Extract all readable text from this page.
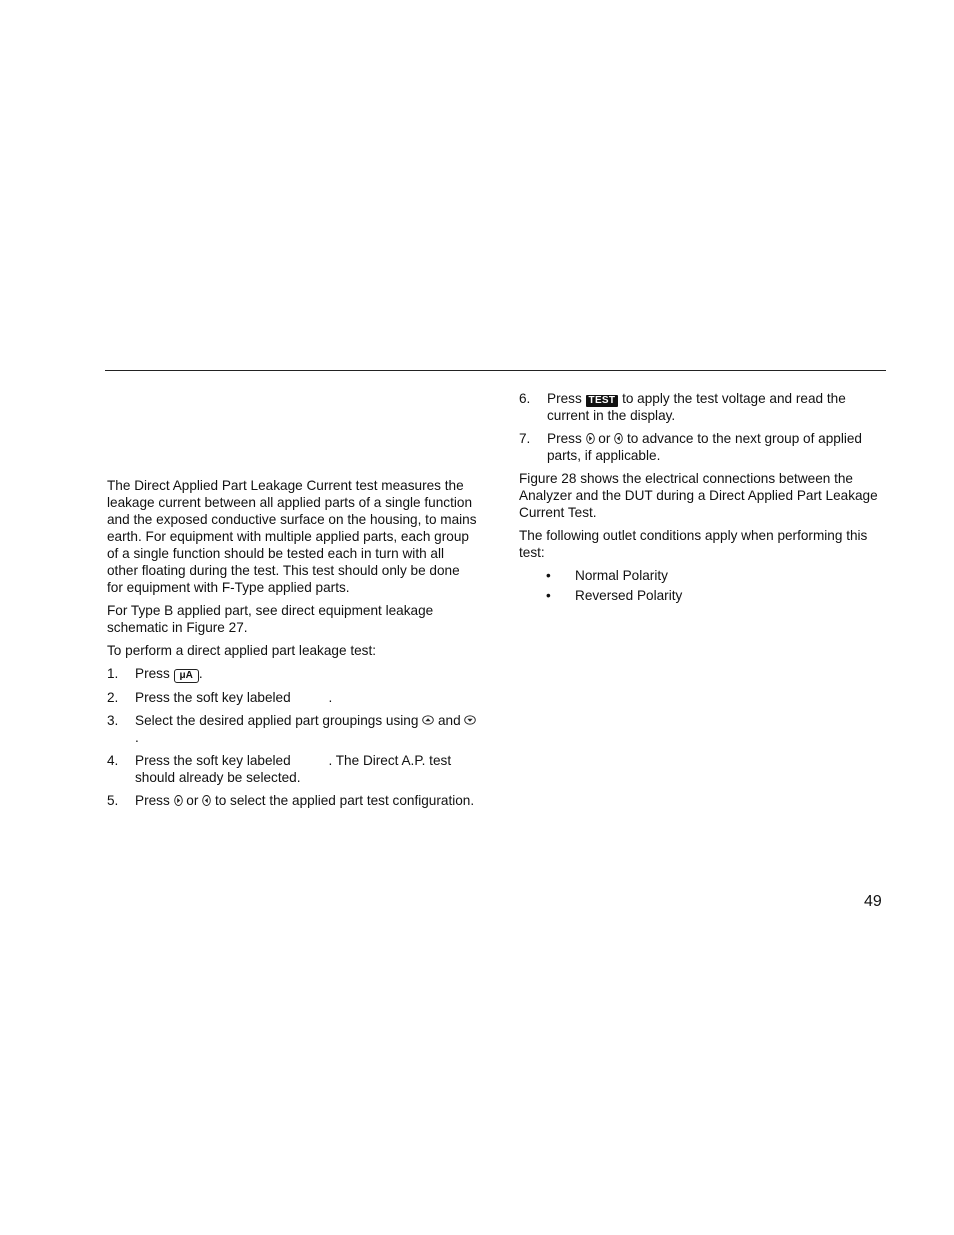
The Direct Applied Part Leakage Current test measures the leakage current between all applied parts of a single function and the exposed conductive surface on the housing, to mains earth. For equipment with multiple applied parts, each group of a single function should be tested each in turn with all other floating during the test. This test should only be done for equipment with F-Type applied parts.

For Type B applied part, see direct equipment leakage schematic in Figure 27.

To perform a direct applied part leakage test:

1. Press μA .
2. Press the soft key labeled	.
3. Select the desired applied part groupings using  and .
4. Press the soft key labeled	. The Direct A.P. test should already be selected.
5. Press  or  to select the applied part test configuration.
6. Press TEST to apply the test voltage and read the current in the display.
7. Press  or  to advance to the next group of applied parts, if applicable.

Figure 28 shows the electrical connections between the Analyzer and the DUT during a Direct Applied Part Leakage Current Test.

The following outlet conditions apply when performing this test:

• Normal Polarity
• Reversed Polarity
49
